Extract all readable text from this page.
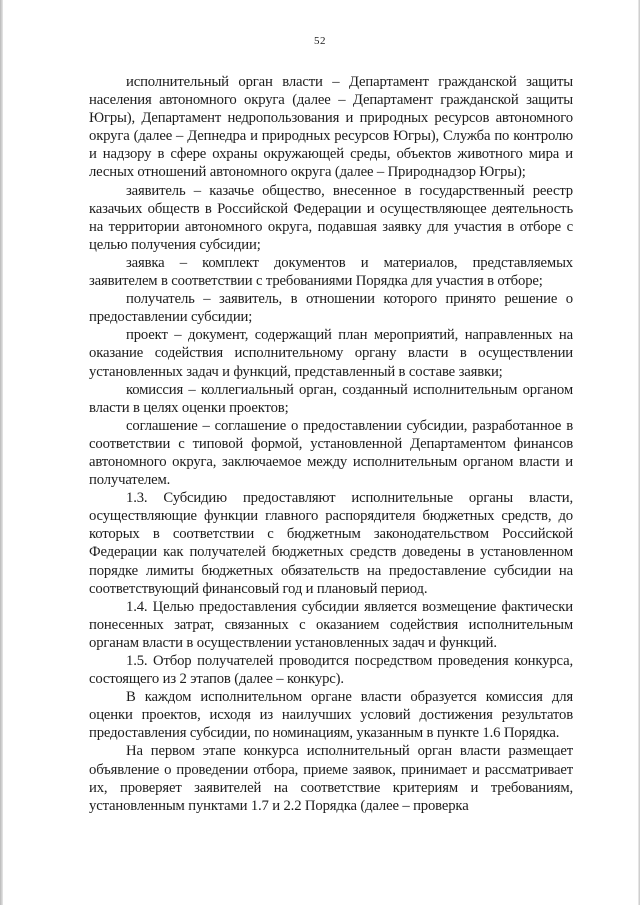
52

исполнительный орган власти – Департамент гражданской защиты населения автономного округа (далее – Департамент гражданской защиты Югры), Департамент недропользования и природных ресурсов автономного округа (далее – Депнедра и природных ресурсов Югры), Служба по контролю и надзору в сфере охраны окружающей среды, объектов животного мира и лесных отношений автономного округа (далее – Природнадзор Югры);

заявитель – казачье общество, внесенное в государственный реестр казачьих обществ в Российской Федерации и осуществляющее деятельность на территории автономного округа, подавшая заявку для участия в отборе с целью получения субсидии;

заявка – комплект документов и материалов, представляемых заявителем в соответствии с требованиями Порядка для участия в отборе;

получатель – заявитель, в отношении которого принято решение о предоставлении субсидии;

проект – документ, содержащий план мероприятий, направленных на оказание содействия исполнительному органу власти в осуществлении установленных задач и функций, представленный в составе заявки;

комиссия – коллегиальный орган, созданный исполнительным органом власти в целях оценки проектов;

соглашение – соглашение о предоставлении субсидии, разработанное в соответствии с типовой формой, установленной Департаментом финансов автономного округа, заключаемое между исполнительным органом власти и получателем.

1.3. Субсидию предоставляют исполнительные органы власти, осуществляющие функции главного распорядителя бюджетных средств, до которых в соответствии с бюджетным законодательством Российской Федерации как получателей бюджетных средств доведены в установленном порядке лимиты бюджетных обязательств на предоставление субсидии на соответствующий финансовый год и плановый период.

1.4. Целью предоставления субсидии является возмещение фактически понесенных затрат, связанных с оказанием содействия исполнительным органам власти в осуществлении установленных задач и функций.

1.5. Отбор получателей проводится посредством проведения конкурса, состоящего из 2 этапов (далее – конкурс).

В каждом исполнительном органе власти образуется комиссия для оценки проектов, исходя из наилучших условий достижения результатов предоставления субсидии, по номинациям, указанным в пункте 1.6 Порядка.

На первом этапе конкурса исполнительный орган власти размещает объявление о проведении отбора, приеме заявок, принимает и рассматривает их, проверяет заявителей на соответствие критериям и требованиям, установленным пунктами 1.7 и 2.2 Порядка (далее – проверка
